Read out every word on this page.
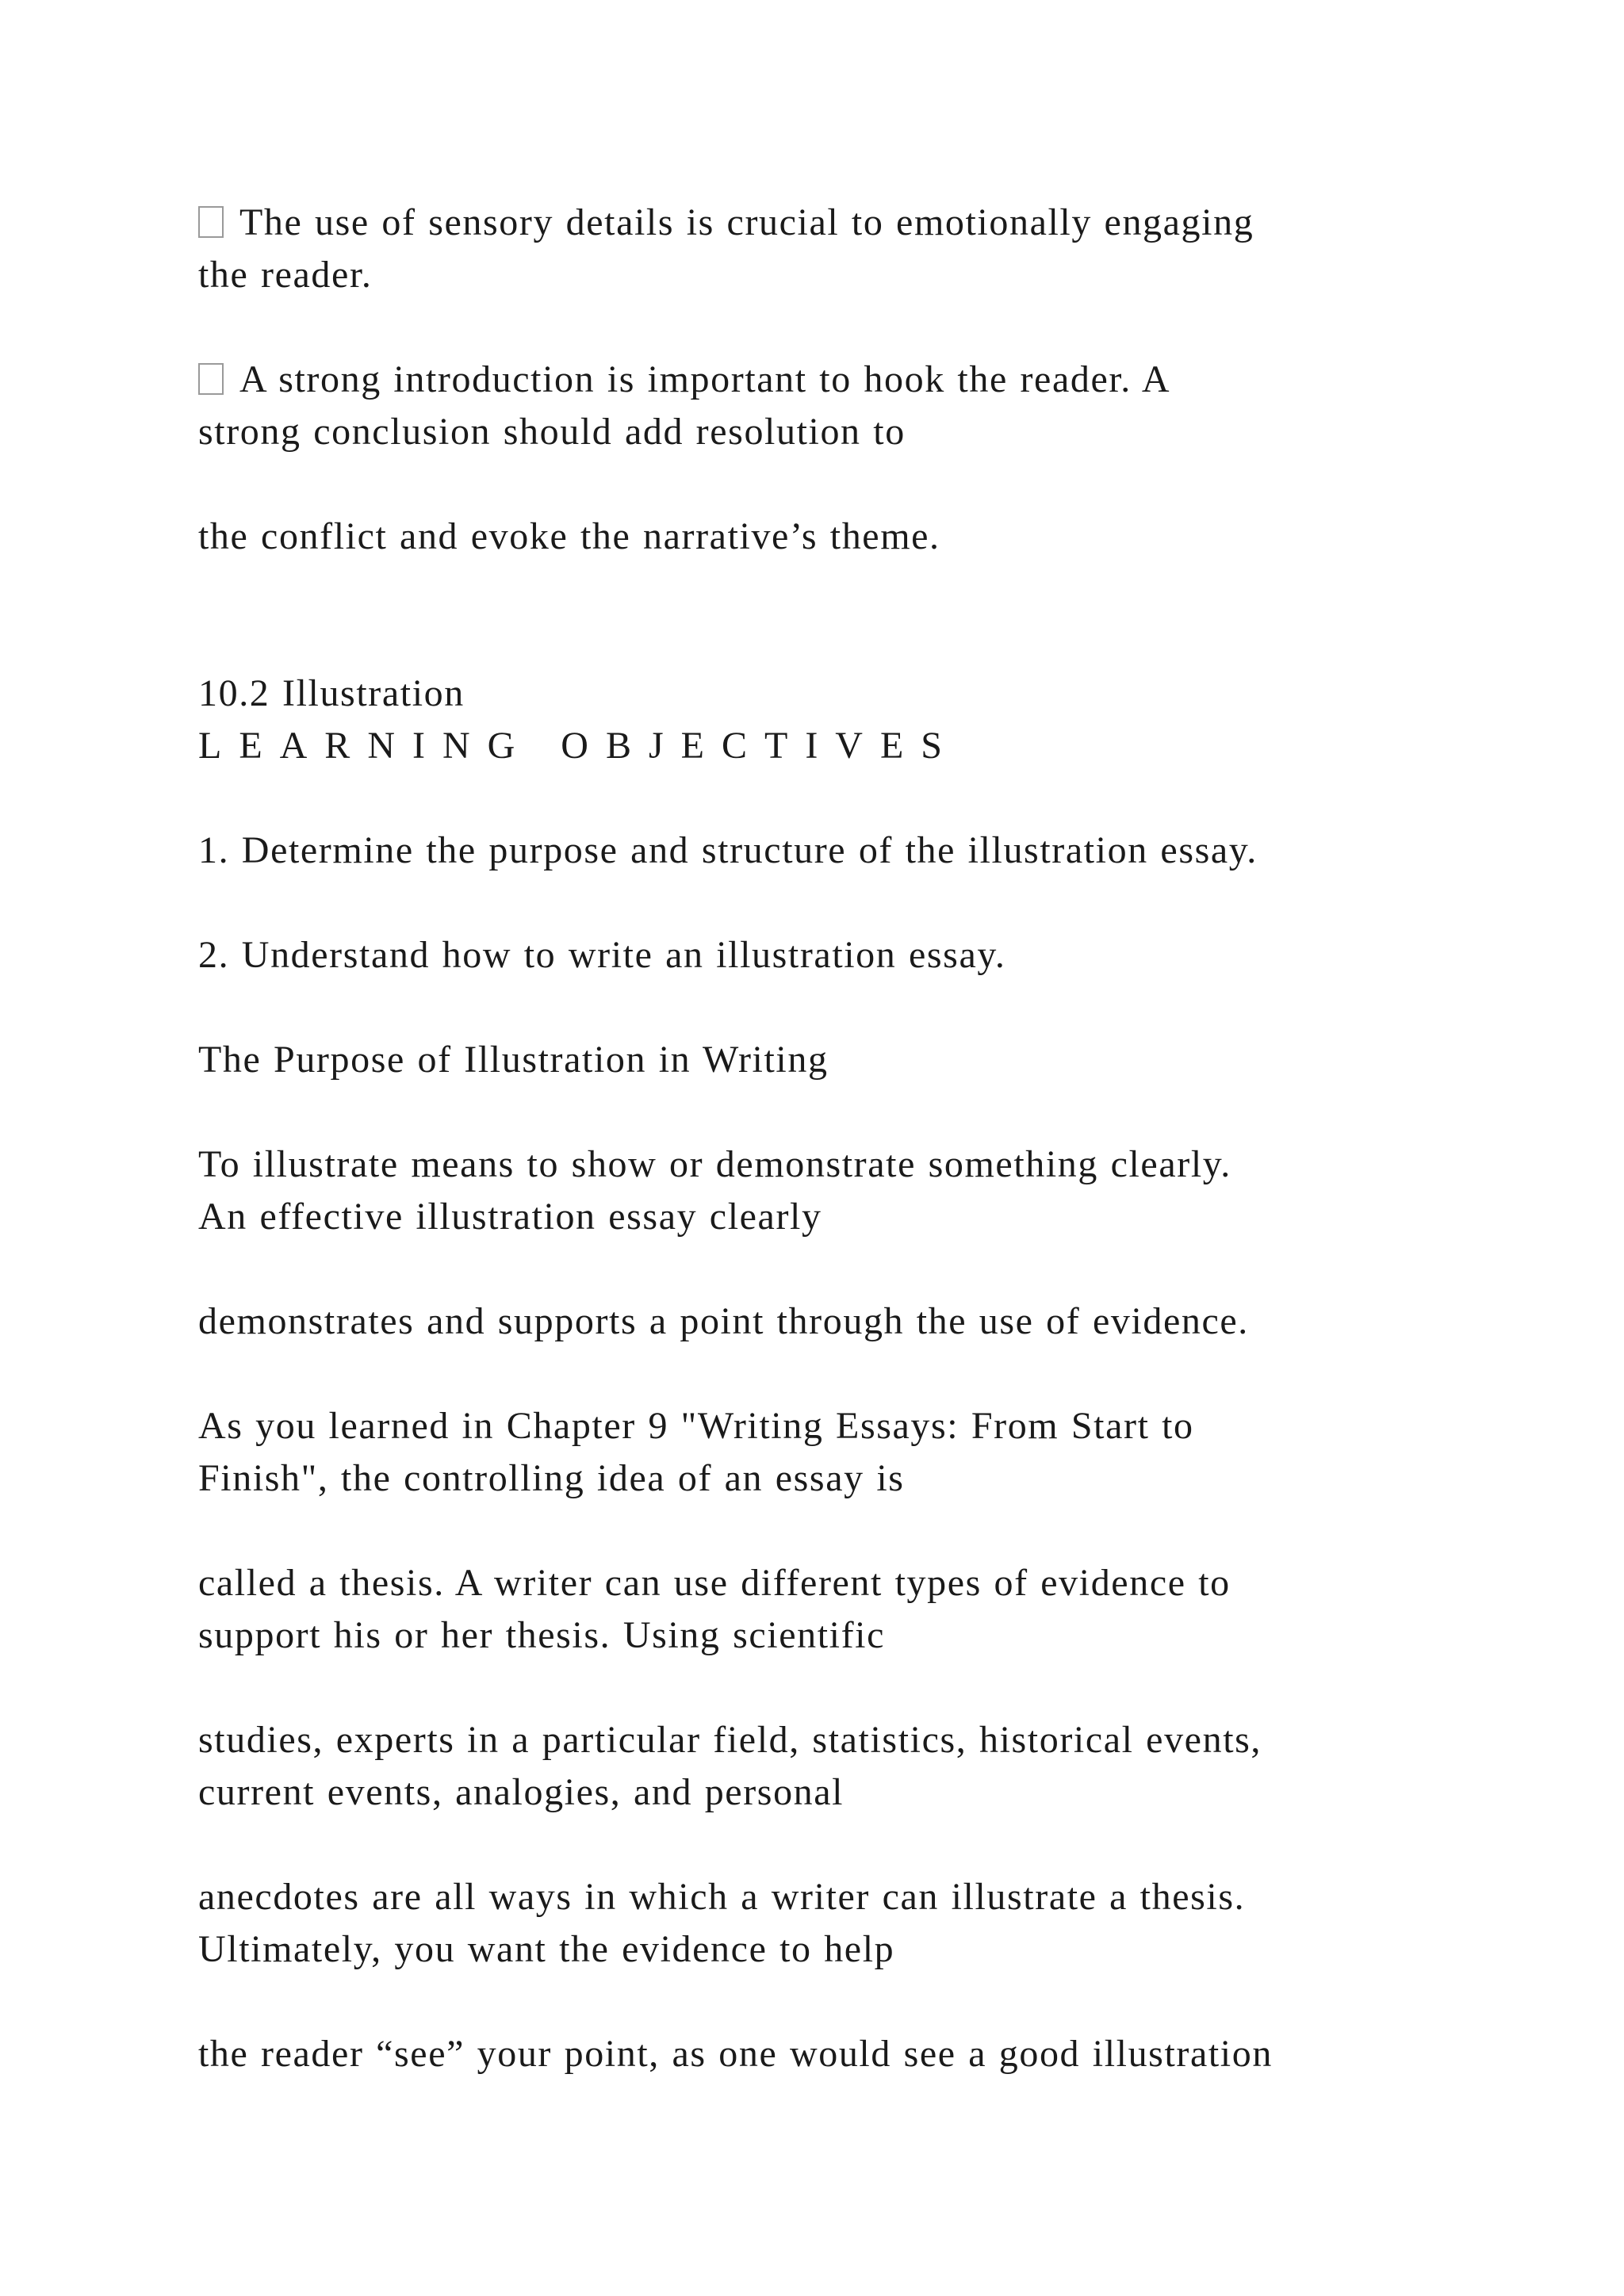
The use of sensory details is crucial to emotionally engaging
the reader.
A strong introduction is important to hook the reader. A
strong conclusion should add resolution to
the conflict and evoke the narrative’s theme.
10.2 Illustration
LEARNING OBJECTIVES
1. Determine the purpose and structure of the illustration essay.
2. Understand how to write an illustration essay.
The Purpose of Illustration in Writing
To illustrate means to show or demonstrate something clearly.
An effective illustration essay clearly
demonstrates and supports a point through the use of evidence.
As you learned in Chapter 9 "Writing Essays: From Start to
Finish", the controlling idea of an essay is
called a thesis. A writer can use different types of evidence to
support his or her thesis. Using scientific
studies, experts in a particular field, statistics, historical events,
current events, analogies, and personal
anecdotes are all ways in which a writer can illustrate a thesis.
Ultimately, you want the evidence to help
the reader “see” your point, as one would see a good illustration
